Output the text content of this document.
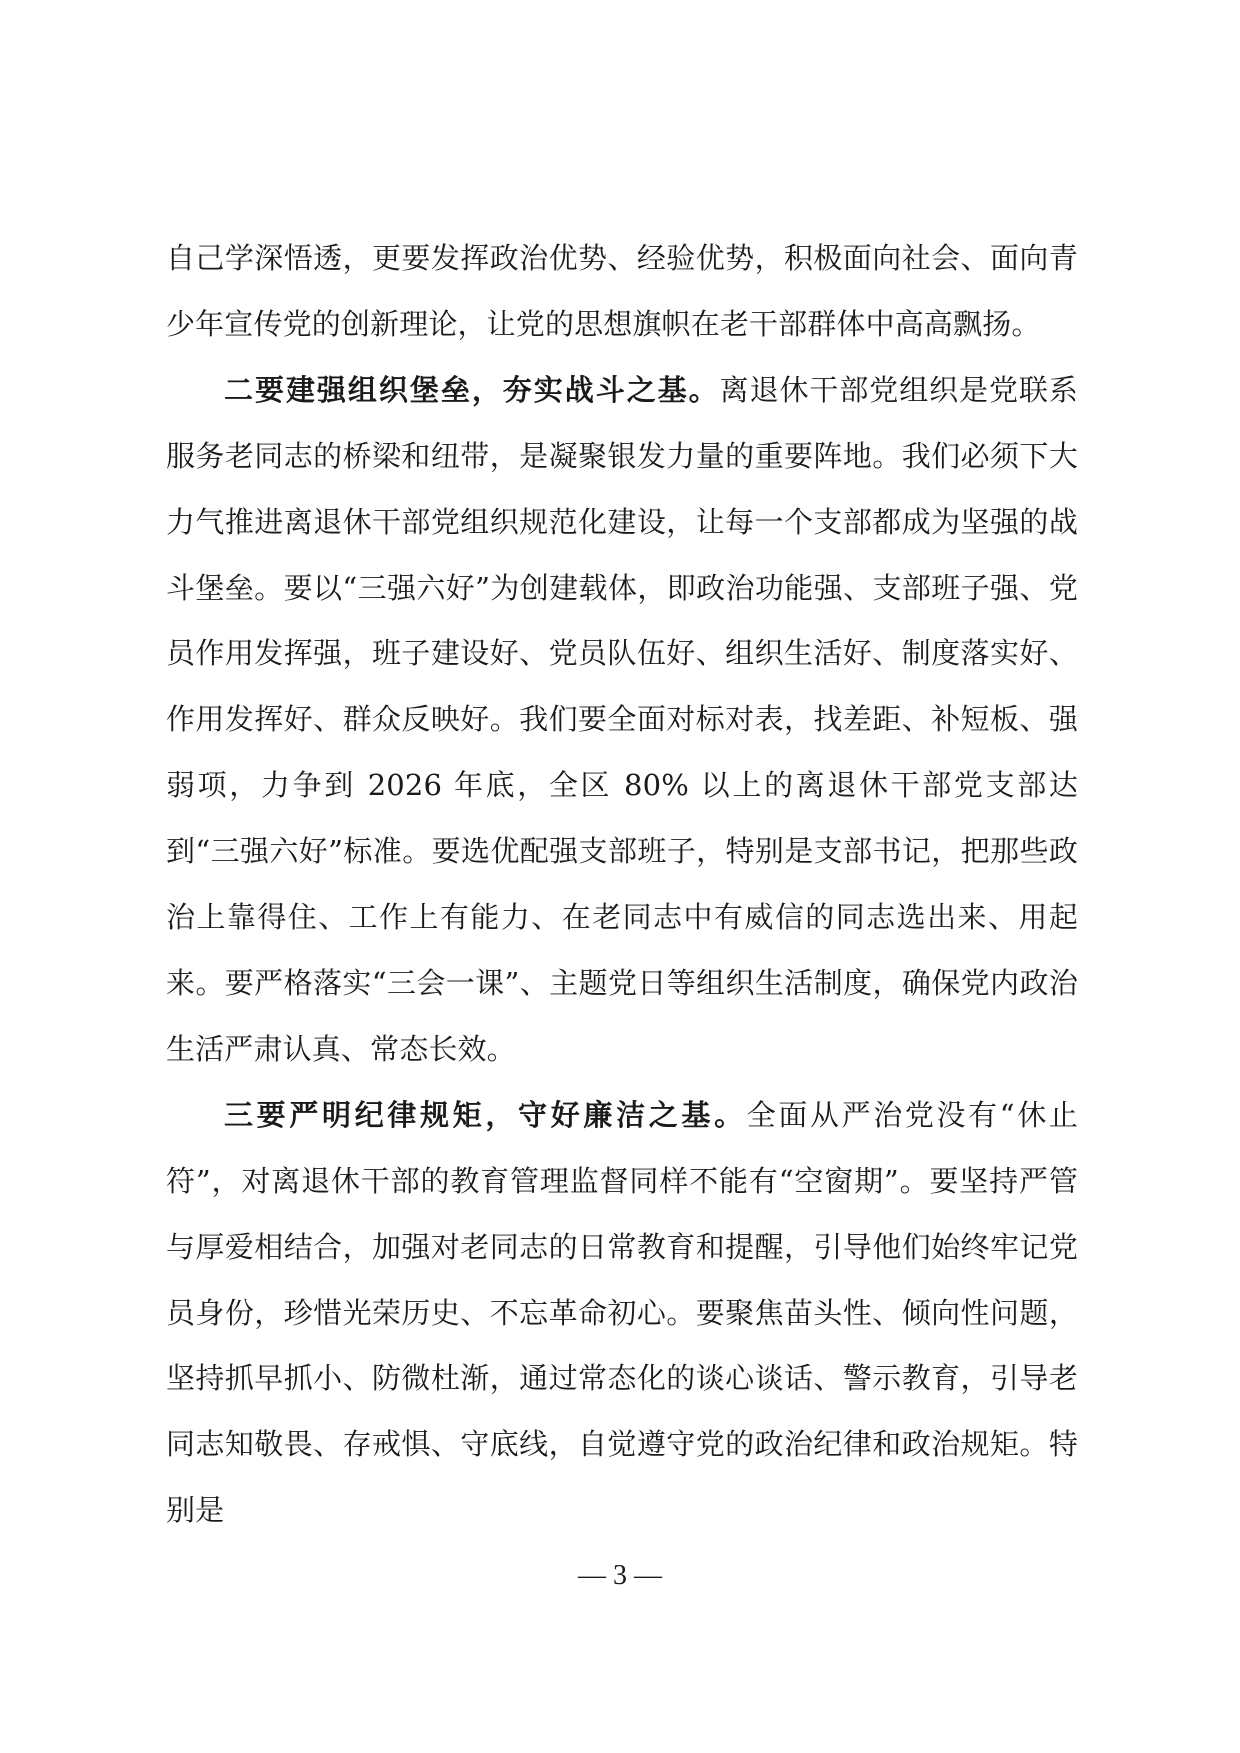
自己学深悟透，更要发挥政治优势、经验优势，积极面向社会、面向青少年宣传党的创新理论，让党的思想旗帜在老干部群体中高高飘扬。

二要建强组织堡垒，夯实战斗之基。离退休干部党组织是党联系服务老同志的桥梁和纽带，是凝聚银发力量的重要阵地。我们必须下大力气推进离退休干部党组织规范化建设，让每一个支部都成为坚强的战斗堡垒。要以“三强六好”为创建载体，即政治功能强、支部班子强、党员作用发挥强，班子建设好、党员队伍好、组织生活好、制度落实好、作用发挥好、群众反映好。我们要全面对标对表，找差距、补短板、强弱项，力争到 2026 年底，全区 80% 以上的离退休干部党支部达到“三强六好”标准。要选优配强支部班子，特别是支部书记，把那些政治上靠得住、工作上有能力、在老同志中有威信的同志选出来、用起来。要严格落实“三会一课”、主题党日等组织生活制度，确保党内政治生活严肃认真、常态长效。

三要严明纪律规矩，守好廉洁之基。全面从严治党没有“休止符”，对离退休干部的教育管理监督同样不能有“空窗期”。要坚持严管与厚爱相结合，加强对老同志的日常教育和提醒，引导他们始终牢记党员身份，珍惜光荣历史、不忘革命初心。要聚焦苗头性、倾向性问题，坚持抓早抓小、防微杜渐，通过常态化的谈心谈话、警示教育，引导老同志知敬畏、存戒惧、守底线，自觉遵守党的政治纪律和政治规矩。特别是

— 3 —
